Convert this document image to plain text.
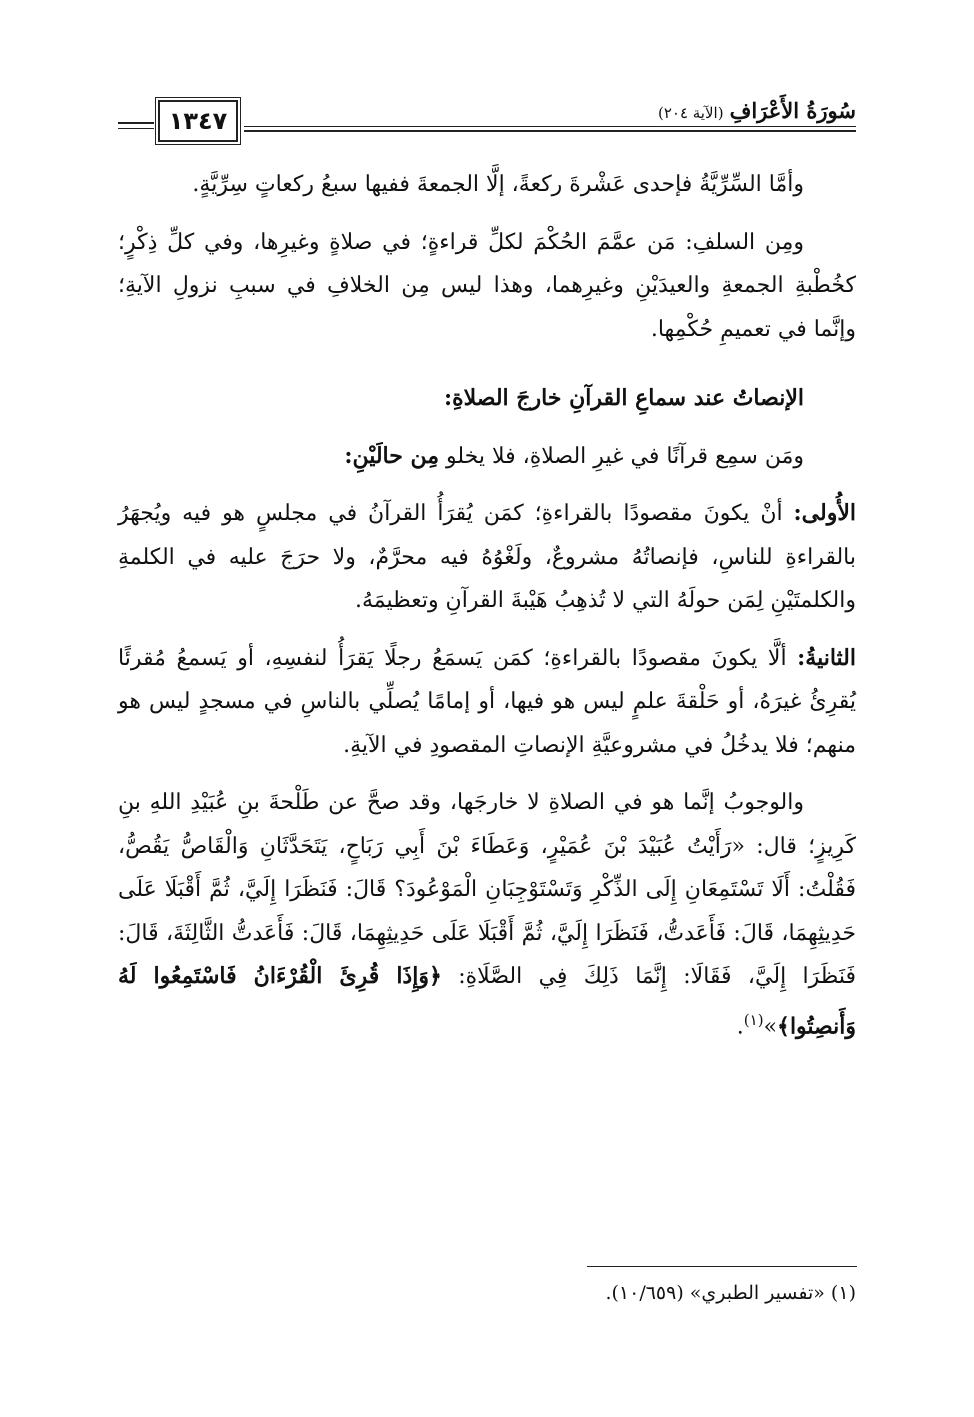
١٣٤٧	سُورَةُ الأَعْرَافِ(الآية ٢٠٤)

وأمَّا السِّرِّيَّةُ فإحدى عَشْرةَ ركعةً، إلَّا الجمعةَ ففيها سبعُ ركعاتٍ سِرِّيَّةٍ.

ومِن السلفِ: مَن عمَّمَ الحُكْمَ لكلِّ قراءةٍ؛ في صلاةٍ وغيرِها، وفي كلِّ ذِكْرٍ؛ كخُطْبةِ الجمعةِ والعيدَيْنِ وغيرِهما، وهذا ليس مِن الخلافِ في سببِ نزولِ الآيةِ؛ وإنَّما في تعميمِ حُكْمِها.

الإنصاتُ عند سماعِ القرآنِ خارجَ الصلاةِ:

ومَن سمِع قرآنًا في غيرِ الصلاةِ، فلا يخلو مِن حالَيْنِ:

الأُولى: أنْ يكونَ مقصودًا بالقراءةِ؛ كمَن يُقرَأُ القرآنُ في مجلسٍ هو فيه ويُجهَرُ بالقراءةِ للناسِ، فإنصاتُهُ مشروعٌ، ولَغْوُهُ فيه محرَّمٌ، ولا حرَجَ عليه في الكلمةِ والكلمتَيْنِ لِمَن حولَهُ التي لا تُذهِبُ هَيْبةَ القرآنِ وتعظيمَهُ.

الثانيةُ: ألَّا يكونَ مقصودًا بالقراءةِ؛ كمَن يَسمَعُ رجلًا يَقرَأُ لنفسِهِ، أو يَسمعُ مُقرئًا يُقرِئُ غيرَهُ، أو حَلْقةَ علمٍ ليس هو فيها، أو إمامًا يُصلِّي بالناسِ في مسجدٍ ليس هو منهم؛ فلا يدخُلُ في مشروعيَّةِ الإنصاتِ المقصودِ في الآيةِ.

والوجوبُ إنَّما هو في الصلاةِ لا خارجَها، وقد صحَّ عن طَلْحةَ بنِ عُبَيْدِ اللهِ بنِ كَرِيزٍ؛ قال: «رَأَيْتُ عُبَيْدَ بْنَ عُمَيْرٍ، وَعَطَاءَ بْنَ أَبِي رَبَاحٍ، يَتَحَدَّثَانِ وَالْقَاصُّ يَقُصُّ، فَقُلْتُ: أَلَا تَسْتَمِعَانِ إِلَى الذِّكْرِ وَتَسْتَوْجِبَانِ الْمَوْعُودَ؟ قَالَ: فَنَظَرَا إِلَيَّ، ثُمَّ أَقْبَلَا عَلَى حَدِيثِهِمَا، قَالَ: فَأَعَدتُّ، فَنَظَرَا إِلَيَّ، ثُمَّ أَقْبَلَا عَلَى حَدِيثِهِمَا، قَالَ: فَأَعَدتُّ الثَّالِثَةَ، قَالَ: فَنَظَرَا إِلَيَّ، فَقَالَا: إِنَّمَا ذَلِكَ فِي الصَّلَاةِ: ﴿وَإِذَا قُرِئَ الْقُرْءَانُ فَاسْتَمِعُوا لَهُ وَأَنصِتُوا﴾»$^{(١)}$.

(١) «تفسير الطبري» (١٠/٦٥٩).
